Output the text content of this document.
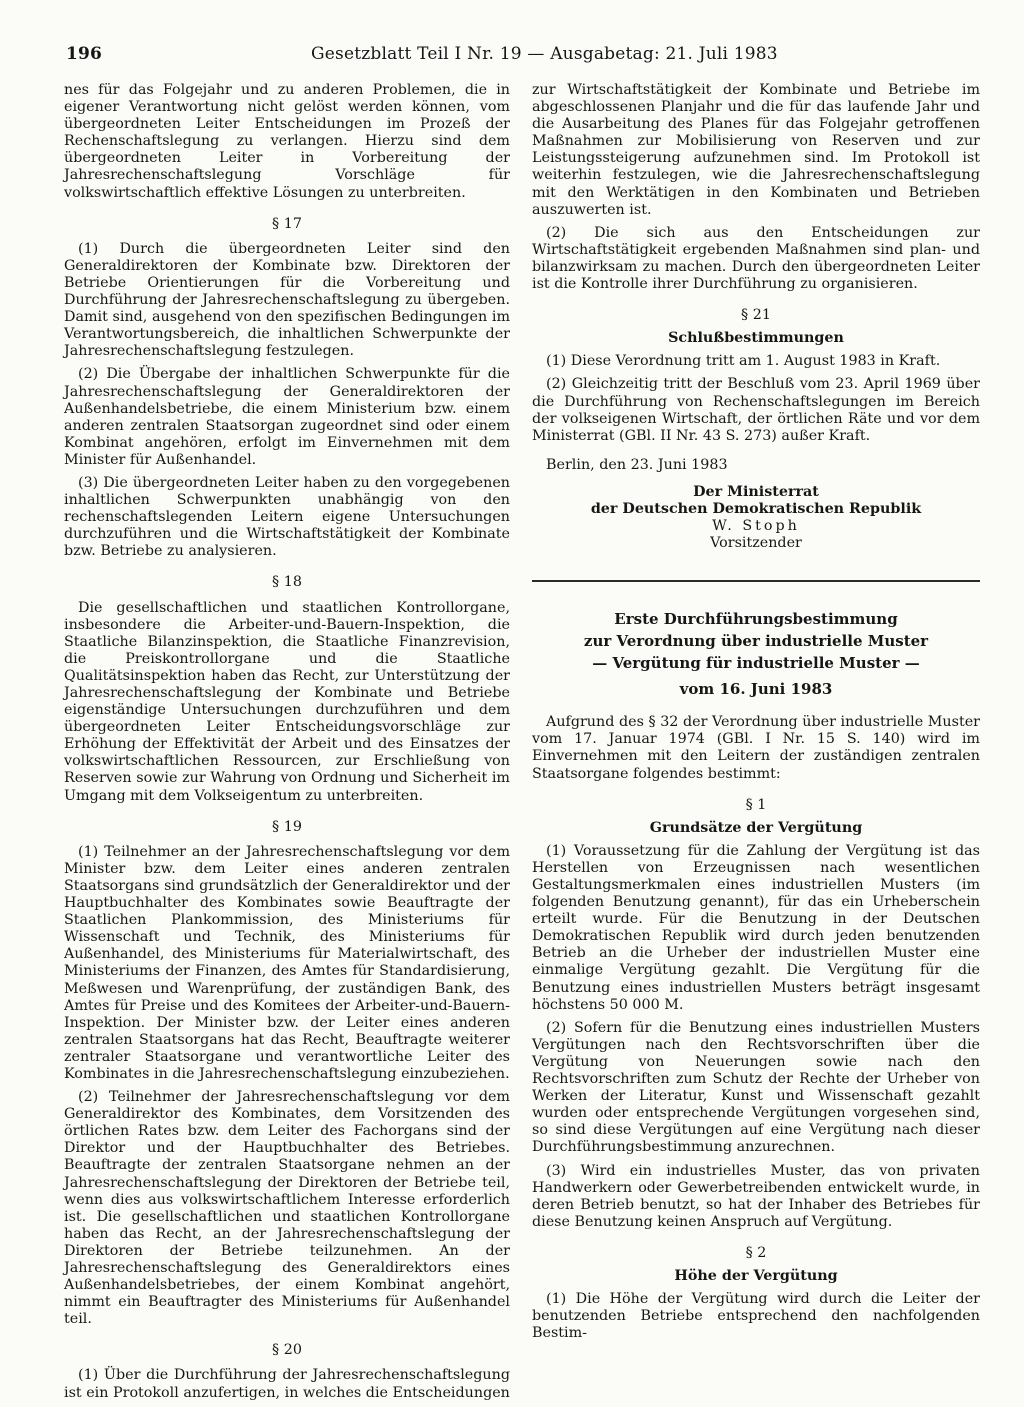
196	Gesetzblatt Teil I Nr. 19 — Ausgabetag: 21. Juli 1983

nes für das Folgejahr und zu anderen Problemen, die in eigener Verantwortung nicht gelöst werden können, vom übergeordneten Leiter Entscheidungen im Prozeß der Rechenschaftslegung zu verlangen. Hierzu sind dem übergeordneten Leiter in Vorbereitung der Jahresrechenschaftslegung Vorschläge für volkswirtschaftlich effektive Lösungen zu unterbreiten.

§ 17

(1) Durch die übergeordneten Leiter sind den Generaldirektoren der Kombinate bzw. Direktoren der Betriebe Orientierungen für die Vorbereitung und Durchführung der Jahresrechenschaftslegung zu übergeben. Damit sind, ausgehend von den spezifischen Bedingungen im Verantwortungsbereich, die inhaltlichen Schwerpunkte der Jahresrechenschaftslegung festzulegen.

(2) Die Übergabe der inhaltlichen Schwerpunkte für die Jahresrechenschaftslegung der Generaldirektoren der Außenhandelsbetriebe, die einem Ministerium bzw. einem anderen zentralen Staatsorgan zugeordnet sind oder einem Kombinat angehören, erfolgt im Einvernehmen mit dem Minister für Außenhandel.

(3) Die übergeordneten Leiter haben zu den vorgegebenen inhaltlichen Schwerpunkten unabhängig von den rechenschaftslegenden Leitern eigene Untersuchungen durchzuführen und die Wirtschaftstätigkeit der Kombinate bzw. Betriebe zu analysieren.

§ 18

Die gesellschaftlichen und staatlichen Kontrollorgane, insbesondere die Arbeiter-und-Bauern-Inspektion, die Staatliche Bilanzinspektion, die Staatliche Finanzrevision, die Preiskontrollorgane und die Staatliche Qualitätsinspektion haben das Recht, zur Unterstützung der Jahresrechenschaftslegung der Kombinate und Betriebe eigenständige Untersuchungen durchzuführen und dem übergeordneten Leiter Entscheidungsvorschläge zur Erhöhung der Effektivität der Arbeit und des Einsatzes der volkswirtschaftlichen Ressourcen, zur Erschließung von Reserven sowie zur Wahrung von Ordnung und Sicherheit im Umgang mit dem Volkseigentum zu unterbreiten.

§ 19

(1) Teilnehmer an der Jahresrechenschaftslegung vor dem Minister bzw. dem Leiter eines anderen zentralen Staatsorgans sind grundsätzlich der Generaldirektor und der Hauptbuchhalter des Kombinates sowie Beauftragte der Staatlichen Plankommission, des Ministeriums für Wissenschaft und Technik, des Ministeriums für Außenhandel, des Ministeriums für Materialwirtschaft, des Ministeriums der Finanzen, des Amtes für Standardisierung, Meßwesen und Warenprüfung, der zuständigen Bank, des Amtes für Preise und des Komitees der Arbeiter-und-Bauern-Inspektion. Der Minister bzw. der Leiter eines anderen zentralen Staatsorgans hat das Recht, Beauftragte weiterer zentraler Staatsorgane und verantwortliche Leiter des Kombinates in die Jahresrechenschaftslegung einzubeziehen.

(2) Teilnehmer der Jahresrechenschaftslegung vor dem Generaldirektor des Kombinates, dem Vorsitzenden des örtlichen Rates bzw. dem Leiter des Fachorgans sind der Direktor und der Hauptbuchhalter des Betriebes. Beauftragte der zentralen Staatsorgane nehmen an der Jahresrechenschaftslegung der Direktoren der Betriebe teil, wenn dies aus volkswirtschaftlichem Interesse erforderlich ist. Die gesellschaftlichen und staatlichen Kontrollorgane haben das Recht, an der Jahresrechenschaftslegung der Direktoren der Betriebe teilzunehmen. An der Jahresrechenschaftslegung des Generaldirektors eines Außenhandelsbetriebes, der einem Kombinat angehört, nimmt ein Beauftragter des Ministeriums für Außenhandel teil.

§ 20

(1) Über die Durchführung der Jahresrechenschaftslegung ist ein Protokoll anzufertigen, in welches die Entscheidungen

zur Wirtschaftstätigkeit der Kombinate und Betriebe im abgeschlossenen Planjahr und die für das laufende Jahr und die Ausarbeitung des Planes für das Folgejahr getroffenen Maßnahmen zur Mobilisierung von Reserven und zur Leistungssteigerung aufzunehmen sind. Im Protokoll ist weiterhin festzulegen, wie die Jahresrechenschaftslegung mit den Werktätigen in den Kombinaten und Betrieben auszuwerten ist.

(2) Die sich aus den Entscheidungen zur Wirtschaftstätigkeit ergebenden Maßnahmen sind plan- und bilanzwirksam zu machen. Durch den übergeordneten Leiter ist die Kontrolle ihrer Durchführung zu organisieren.

§ 21
Schlußbestimmungen

(1) Diese Verordnung tritt am 1. August 1983 in Kraft.

(2) Gleichzeitig tritt der Beschluß vom 23. April 1969 über die Durchführung von Rechenschaftslegungen im Bereich der volkseigenen Wirtschaft, der örtlichen Räte und vor dem Ministerrat (GBl. II Nr. 43 S. 273) außer Kraft.

Berlin, den 23. Juni 1983

Der Ministerrat
der Deutschen Demokratischen Republik
W. Stoph
Vorsitzender
Erste Durchführungsbestimmung
zur Verordnung über industrielle Muster
— Vergütung für industrielle Muster —
vom 16. Juni 1983

Aufgrund des § 32 der Verordnung über industrielle Muster vom 17. Januar 1974 (GBl. I Nr. 15 S. 140) wird im Einvernehmen mit den Leitern der zuständigen zentralen Staatsorgane folgendes bestimmt:

§ 1
Grundsätze der Vergütung

(1) Voraussetzung für die Zahlung der Vergütung ist das Herstellen von Erzeugnissen nach wesentlichen Gestaltungsmerkmalen eines industriellen Musters (im folgenden Benutzung genannt), für das ein Urheberschein erteilt wurde. Für die Benutzung in der Deutschen Demokratischen Republik wird durch jeden benutzenden Betrieb an die Urheber der industriellen Muster eine einmalige Vergütung gezahlt. Die Vergütung für die Benutzung eines industriellen Musters beträgt insgesamt höchstens 50 000 M.

(2) Sofern für die Benutzung eines industriellen Musters Vergütungen nach den Rechtsvorschriften über die Vergütung von Neuerungen sowie nach den Rechtsvorschriften zum Schutz der Rechte der Urheber von Werken der Literatur, Kunst und Wissenschaft gezahlt wurden oder entsprechende Vergütungen vorgesehen sind, so sind diese Vergütungen auf eine Vergütung nach dieser Durchführungsbestimmung anzurechnen.

(3) Wird ein industrielles Muster, das von privaten Handwerkern oder Gewerbetreibenden entwickelt wurde, in deren Betrieb benutzt, so hat der Inhaber des Betriebes für diese Benutzung keinen Anspruch auf Vergütung.

§ 2
Höhe der Vergütung

(1) Die Höhe der Vergütung wird durch die Leiter der benutzenden Betriebe entsprechend den nachfolgenden Bestim-
